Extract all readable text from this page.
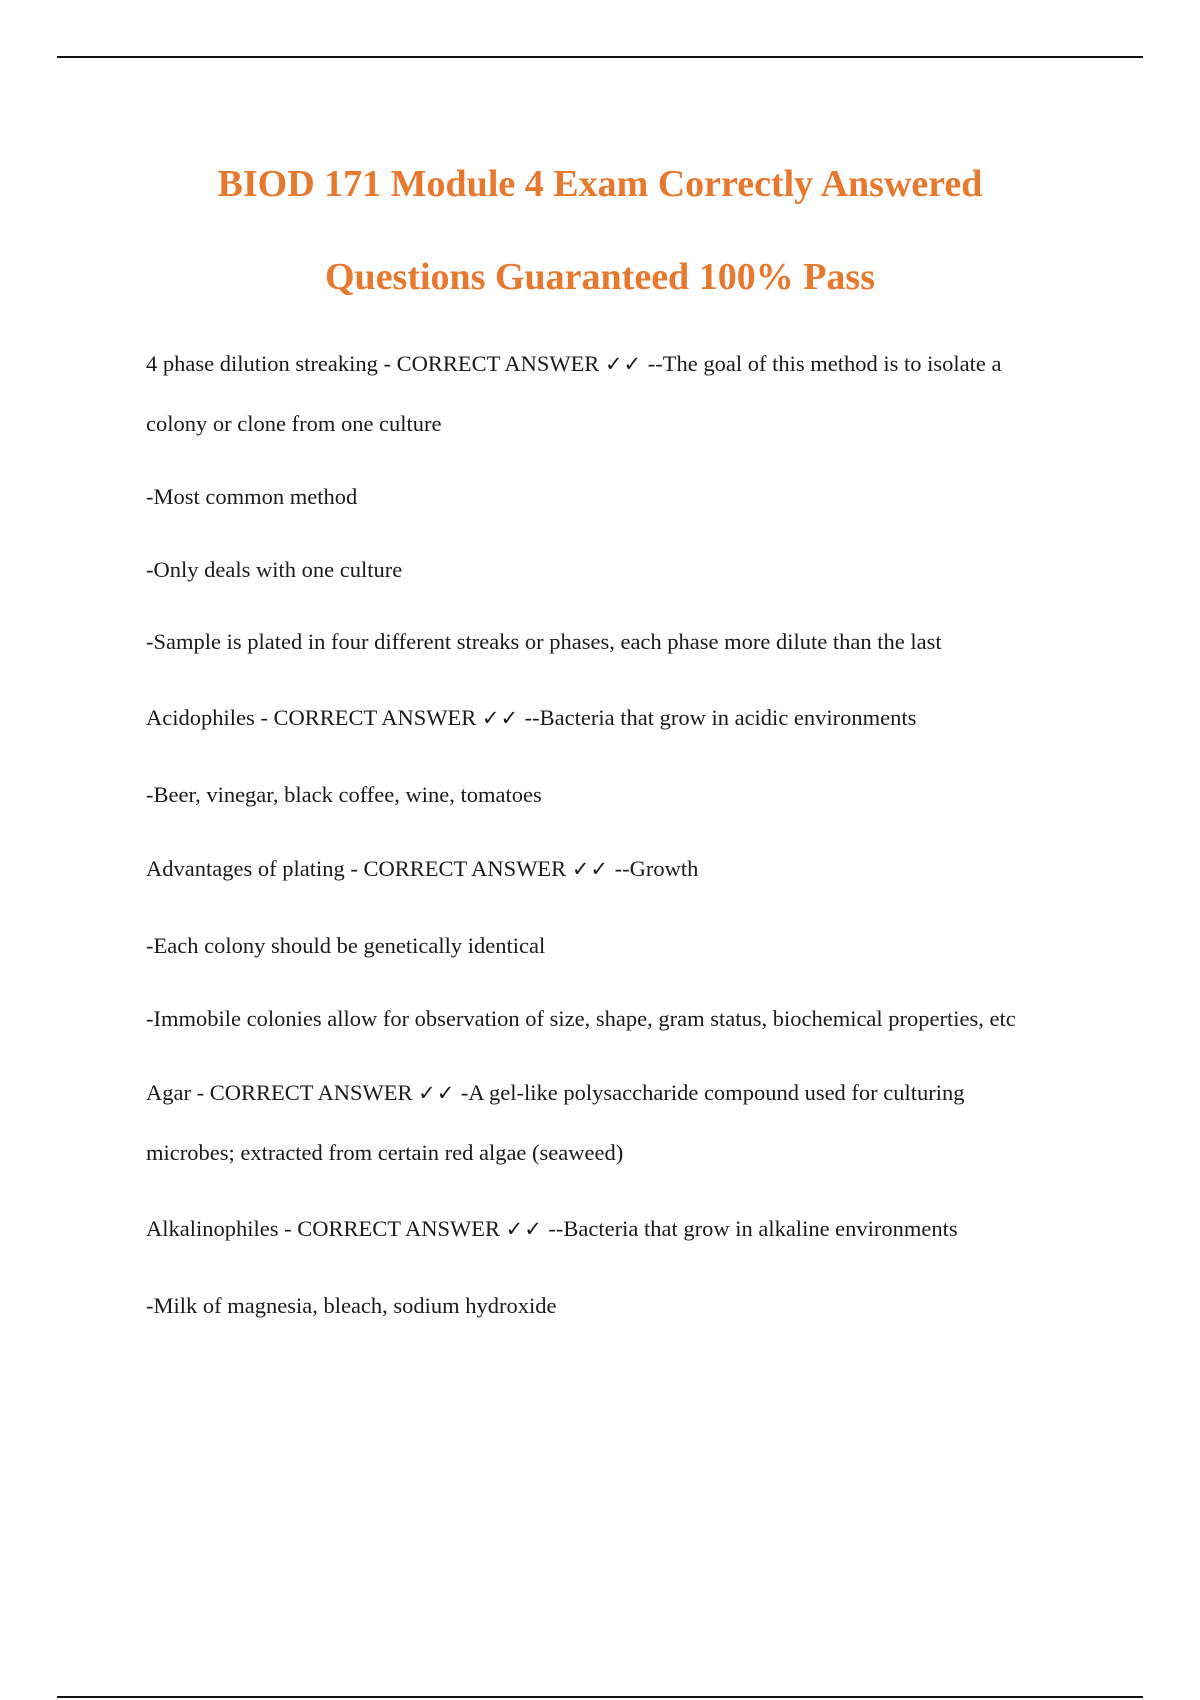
BIOD 171 Module 4 Exam Correctly Answered
Questions Guaranteed 100% Pass
4 phase dilution streaking - CORRECT ANSWER ✓✓ --The goal of this method is to isolate a
colony or clone from one culture
-Most common method
-Only deals with one culture
-Sample is plated in four different streaks or phases, each phase more dilute than the last
Acidophiles - CORRECT ANSWER ✓✓ --Bacteria that grow in acidic environments
-Beer, vinegar, black coffee, wine, tomatoes
Advantages of plating - CORRECT ANSWER ✓✓ --Growth
-Each colony should be genetically identical
-Immobile colonies allow for observation of size, shape, gram status, biochemical properties, etc
Agar - CORRECT ANSWER ✓✓ -A gel-like polysaccharide compound used for culturing
microbes; extracted from certain red algae (seaweed)
Alkalinophiles - CORRECT ANSWER ✓✓ --Bacteria that grow in alkaline environments
-Milk of magnesia, bleach, sodium hydroxide
